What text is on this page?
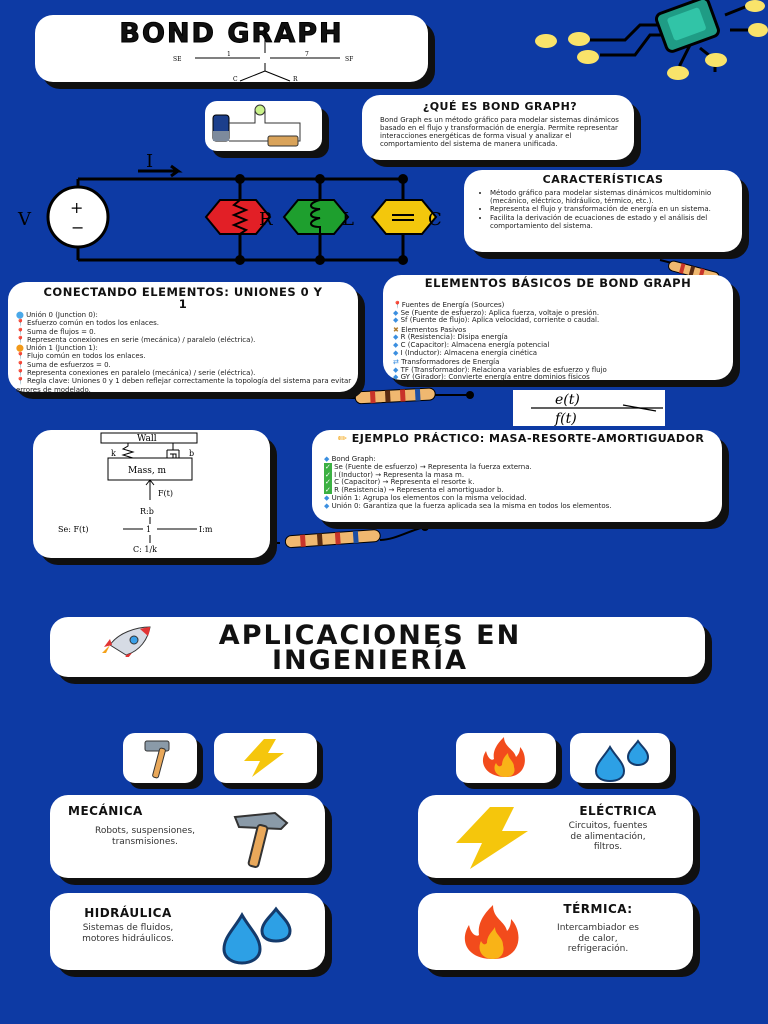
BOND GRAPH
SE	SF
1	7
C	R
¿QUÉ ES BOND GRAPH?
Bond Graph es un método gráfico para modelar sistemas dinámicos basado en el flujo y transformación de energía. Permite representar interacciones energéticas de forma visual y analizar el comportamiento del sistema de manera unificada.
I
V
+
−	R	L	C
CARACTERÍSTICAS
• Método gráfico para modelar sistemas dinámicos multidominio (mecánico, eléctrico, hidráulico, térmico, etc.).
• Representa el flujo y transformación de energía en un sistema.
• Facilita la derivación de ecuaciones de estado y el análisis del comportamiento del sistema.
CONECTANDO ELEMENTOS: UNIONES 0 Y 1
⬤ Unión 0 (Junction 0):
📍 Esfuerzo común en todos los enlaces.
📍 Suma de flujos = 0.
📍 Representa conexiones en serie (mecánica) / paralelo (eléctrica).
⬤ Unión 1 (Junction 1):
📍 Flujo común en todos los enlaces.
📍 Suma de esfuerzos = 0.
📍 Representa conexiones en paralelo (mecánica) / serie (eléctrica).
📍 Regla clave: Uniones 0 y 1 deben reflejar correctamente la topología del sistema para evitar errores de modelado.
ELEMENTOS BÁSICOS DE BOND GRAPH
📍Fuentes de Energía (Sources)
◆ Se (Fuente de esfuerzo): Aplica fuerza, voltaje o presión.
◆ Sf (Fuente de flujo): Aplica velocidad, corriente o caudal.
✖ Elementos Pasivos
◆ R (Resistencia): Disipa energía
◆ C (Capacitor): Almacena energía potencial
◆ I (Inductor): Almacena energía cinética
⇄ Transformadores de Energía
◆ TF (Transformador): Relaciona variables de esfuerzo y flujo
◆ GY (Girador): Convierte energía entre dominios físicos
e(t)
f(t)
Wall
k	b
Mass, m
F(t)
R:b
1
Se: F(t)	I:m
C: 1/k
✏ EJEMPLO PRÁCTICO: MASA-RESORTE-AMORTIGUADOR
◆ Bond Graph:
✓ Se (Fuente de esfuerzo) → Representa la fuerza externa.
✓ I (Inductor) → Representa la masa m.
✓ C (Capacitor) → Representa el resorte k.
✓ R (Resistencia) → Representa el amortiguador b.
◆ Unión 1: Agrupa los elementos con la misma velocidad.
◆ Unión 0: Garantiza que la fuerza aplicada sea la misma en todos los elementos.
APLICACIONES EN INGENIERÍA
MECÁNICA
Robots, suspensiones, transmisiones.
ELÉCTRICA
Circuitos, fuentes de alimentación, filtros.
HIDRÁULICA
Sistemas de fluidos, motores hidráulicos.
TÉRMICA:
Intercambiador es de calor, refrigeración.
